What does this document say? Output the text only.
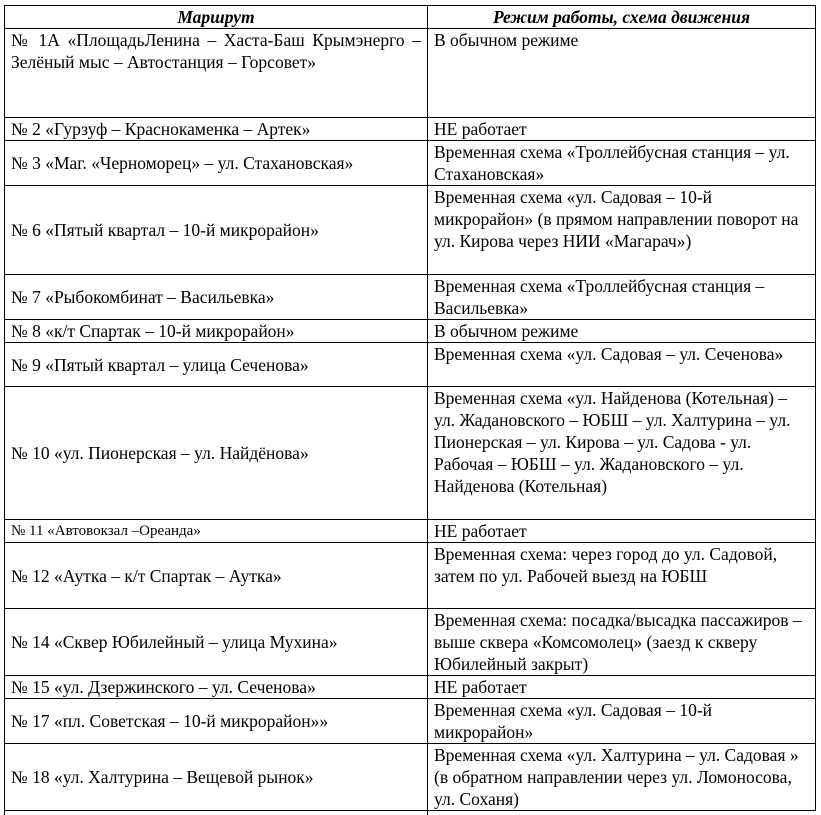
Маршрут	Режим работы, схема движения
№ 1А «ПлощадьЛенина – Хаста-Баш Крымэнерго – Зелёный мыс – Автостанция – Горсовет»	В обычном режиме
№ 2 «Гурзуф – Краснокаменка – Артек»	НЕ работает
№ 3 «Маг. «Черноморец» – ул. Стахановская»	Временная схема «Троллейбусная станция – ул. Стахановская»
№ 6 «Пятый квартал – 10-й микрорайон»	Временная схема «ул. Садовая – 10-й микрорайон» (в прямом направлении поворот на ул. Кирова через НИИ «Магарач»)
№ 7 «Рыбокомбинат – Васильевка»	Временная схема «Троллейбусная станция – Васильевка»
№ 8 «к/т Спартак – 10-й микрорайон»	В обычном режиме
№ 9 «Пятый квартал – улица Сеченова»	Временная схема «ул. Садовая – ул. Сеченова»
№ 10 «ул. Пионерская – ул. Найдёнова»	Временная схема «ул. Найденова (Котельная) – ул. Жадановского – ЮБШ – ул. Халтурина – ул. Пионерская – ул. Кирова – ул. Садова - ул. Рабочая – ЮБШ – ул. Жадановского – ул. Найденова (Котельная)
№ 11 «Автовокзал –Ореанда»	НЕ работает
№ 12 «Аутка – к/т Спартак – Аутка»	Временная схема: через город до ул. Садовой, затем по ул. Рабочей выезд на ЮБШ
№ 14 «Сквер Юбилейный – улица Мухина»	Временная схема: посадка/высадка пассажиров – выше сквера «Комсомолец» (заезд к скверу Юбилейный закрыт)
№ 15 «ул. Дзержинского – ул. Сеченова»	НЕ работает
№ 17 «пл. Советская – 10-й микрорайон»»	Временная схема «ул. Садовая – 10-й микрорайон»
№ 18 «ул. Халтурина – Вещевой рынок»	Временная схема «ул. Халтурина – ул. Садовая » (в обратном направлении через ул. Ломоносова, ул. Соханя)
